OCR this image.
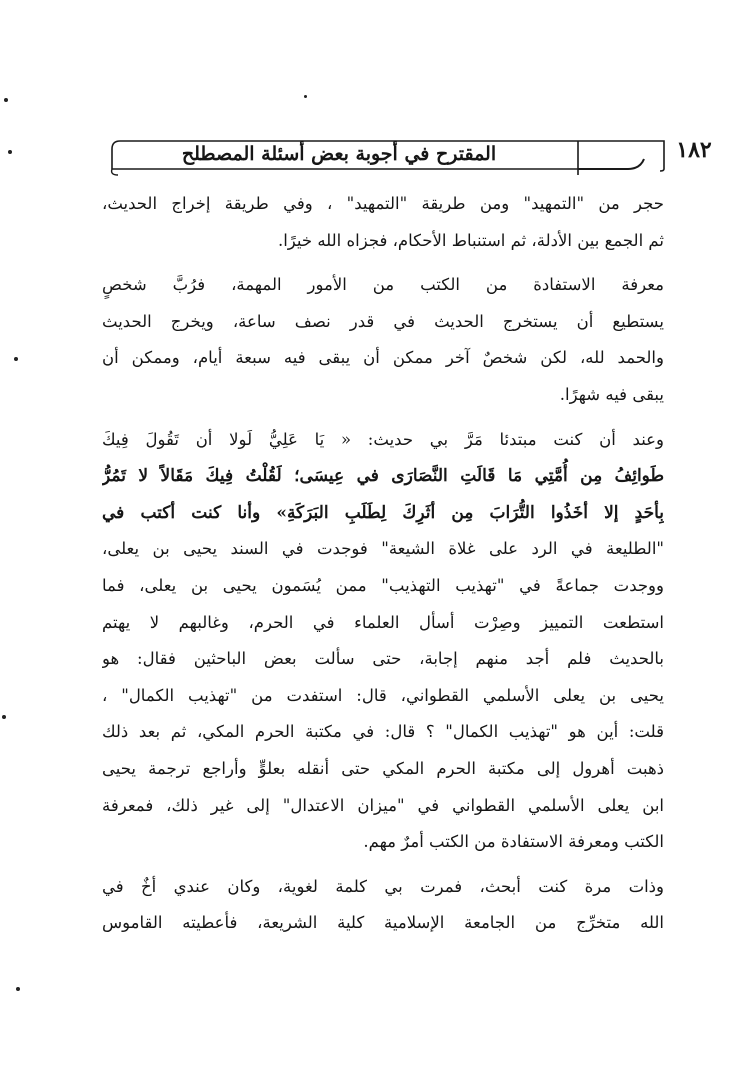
المقترح في أجوبة بعض أسئلة المصطلح	١٨٢
حجر من "التمهيد" ومن طريقة "التمهيد" ، وفي طريقة إخراج الحديث،
ثم الجمع بين الأدلة، ثم استنباط الأحكام، فجزاه الله خيرًا.
معرفة الاستفادة من الكتب من الأمور المهمة، فرُبَّ شخصٍ
يستطيع أن يستخرج الحديث في قدر نصف ساعة، ويخرج الحديث
والحمد لله، لكن شخصٌ آخر ممكن أن يبقى فيه سبعة أيام، وممكن أن
يبقى فيه شهرًا.
وعند أن كنت مبتدئا مَرَّ بي حديث: « يَا عَلِيُّ لَولا أن تَقُولَ فِيكَ
طَوائِفُ مِن أُمَّتِي مَا قَالَتِ النَّصَارَى في عِيسَى؛ لَقُلْتُ فِيكَ مَقَالاً لا تَمُرُّ
بِأحَدٍ إلا أخَذُوا التُّرَابَ مِن أثَرِكَ لِطَلَبِ البَرَكَةِ» وأنا كنت أكتب في
"الطليعة في الرد على غلاة الشيعة" فوجدت في السند يحيى بن يعلى،
ووجدت جماعةً في "تهذيب التهذيب" ممن يُسَمون يحيى بن يعلى، فما
استطعت التمييز وصِرْت أسأل العلماء في الحرم، وغالبهم لا يهتم
بالحديث فلم أجد منهم إجابة، حتى سألت بعض الباحثين فقال: هو
يحيى بن يعلى الأسلمي القطواني، قال: استفدت من "تهذيب الكمال" ،
قلت: أين هو "تهذيب الكمال" ؟ قال: في مكتبة الحرم المكي، ثم بعد ذلك
ذهبت أهرول إلى مكتبة الحرم المكي حتى أنقله بعلوٍّ وأراجع ترجمة يحيى
ابن يعلى الأسلمي القطواني في "ميزان الاعتدال" إلى غير ذلك، فمعرفة
الكتب ومعرفة الاستفادة من الكتب أمرٌ مهم.
وذات مرة كنت أبحث، فمرت بي كلمة لغوية، وكان عندي أخٌ في
الله متخرِّج من الجامعة الإسلامية كلية الشريعة، فأعطيته القاموس
